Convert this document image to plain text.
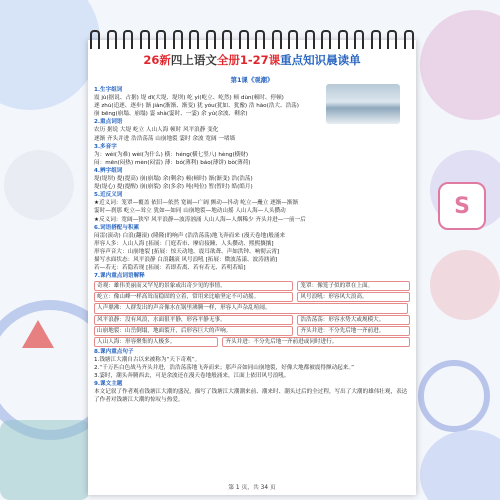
S
26新四上语文全册1-27课重点知识晨读单
第1课《观潮》
1.生字组词
震 jù(据说、占据) 堤 dī(大堤、堤坝) 屹 yì(屹立、屹然) 顿 dùn(顿时、停顿)
逐 zhú(追逐、逐步) 渐 jiàn(渐渐、渐变) 犹 yóu(犹如、犹豫) 浩 hào(浩大、浩荡)
崩 bēng(崩塌、崩塌) 霎 shà(霎时、一霎) 余 yú(余波、剩余)
2.重点词语
农历 据说 大堤 屹立 人山人海 顿时 风平浪静 变化
逐渐 齐头并进 浩浩荡荡 山崩地裂 霎时 余波 宽阔 一堵墙
3.多音字
为：wéi(为难) wèi(为什么) 横：héng(横七竖八) hèng(横财)
闷：mēn(闷热) mèn(闷雷) 薄：bó(薄利) báo(薄饼) bò(薄荷)
4.辨字组词
堤(堤坝) 提(提高) 崩(崩塌) 余(剩余) 顿(顿时) 渐(渐变) 浩(浩荡)
堤(堤心) 提(提醒) 崩(崩裂) 余(多余) 吨(吨位) 暂(暂时) 皓(皓月)
5.近反义词
★近义词：笼罩—覆盖 依旧—依然 宽阔—广阔 颤动—抖动 屹立—矗立 逐渐—渐渐
霎时—刹那 屹立—耸立 犹如—如同 山崩地裂—地动山摇 人山人海—人头攒动
★反义词：宽阔—狭窄 风平浪静—波涛汹涌 人山人海—人烟稀少 齐头并进—一前一后
6.词语搭配与积累
闷雷(滚动) 白浪(翻滚) (隆隆)的响声 (浩浩荡荡)地飞奔而来 (漫天卷地)般涌来
形容人多：人山人海 [拓展：门庭若市、摩肩接踵、人头攒动、熙熙攘攘]
形容声音大：山崩地裂 [拓展：惊天动地、震耳欲聋、声如洪钟、响彻云霄]
描写水面状态：风平浪静 白浪翻滚 风号浪吼 [拓展：微波荡漾、波涛汹涌]
若—若无：若隐若现 [拓展：若即若离、若有若无、若明若暗]
7.课内重点词语解释
奇观：雄伟美丽而又罕见的景象或出奇少见的事情。	笼罩：像笼子似的罩在上面。
屹立：像山峰一样高耸而稳固的立着，常用来比喻坚定不可动摇。	风号浪吼：形容风大浪高。
人声鼎沸：人群发出的声音像水在锅里沸腾一样，形容人声杂乱喧闹。
风平浪静：没有风浪，水面很平静，形容平静无事。	浩浩荡荡：形容水势大或规模大。
山崩地裂：山岳倒塌，地面裂开，后形容巨大的声响。	齐头并进：不分先后地一齐前进。
人山人海：形容聚集的人极多。	齐头并进：不分先后地一齐前进或同时进行。
8.课内重点句子
1.钱塘江大潮自古以来被称为“天下奇观”。
2.“千万匹白色战马齐头并进，浩浩荡荡地飞奔而来；那声音如同山崩地裂，好像大地都被震得颤动起来。”
3.霎时，潮头奔腾西去，可是余波还在漫天卷地般涌来，江面上依旧风号浪吼。
9.课文主题
本文记叙了作者观看钱塘江大潮的盛况，描写了钱塘江大潮潮来前、潮来时、潮头过后的全过程，写出了大潮的雄伟壮观，表达了作者对钱塘江大潮的惊叹与热爱。
第 1 页，共 34 页
